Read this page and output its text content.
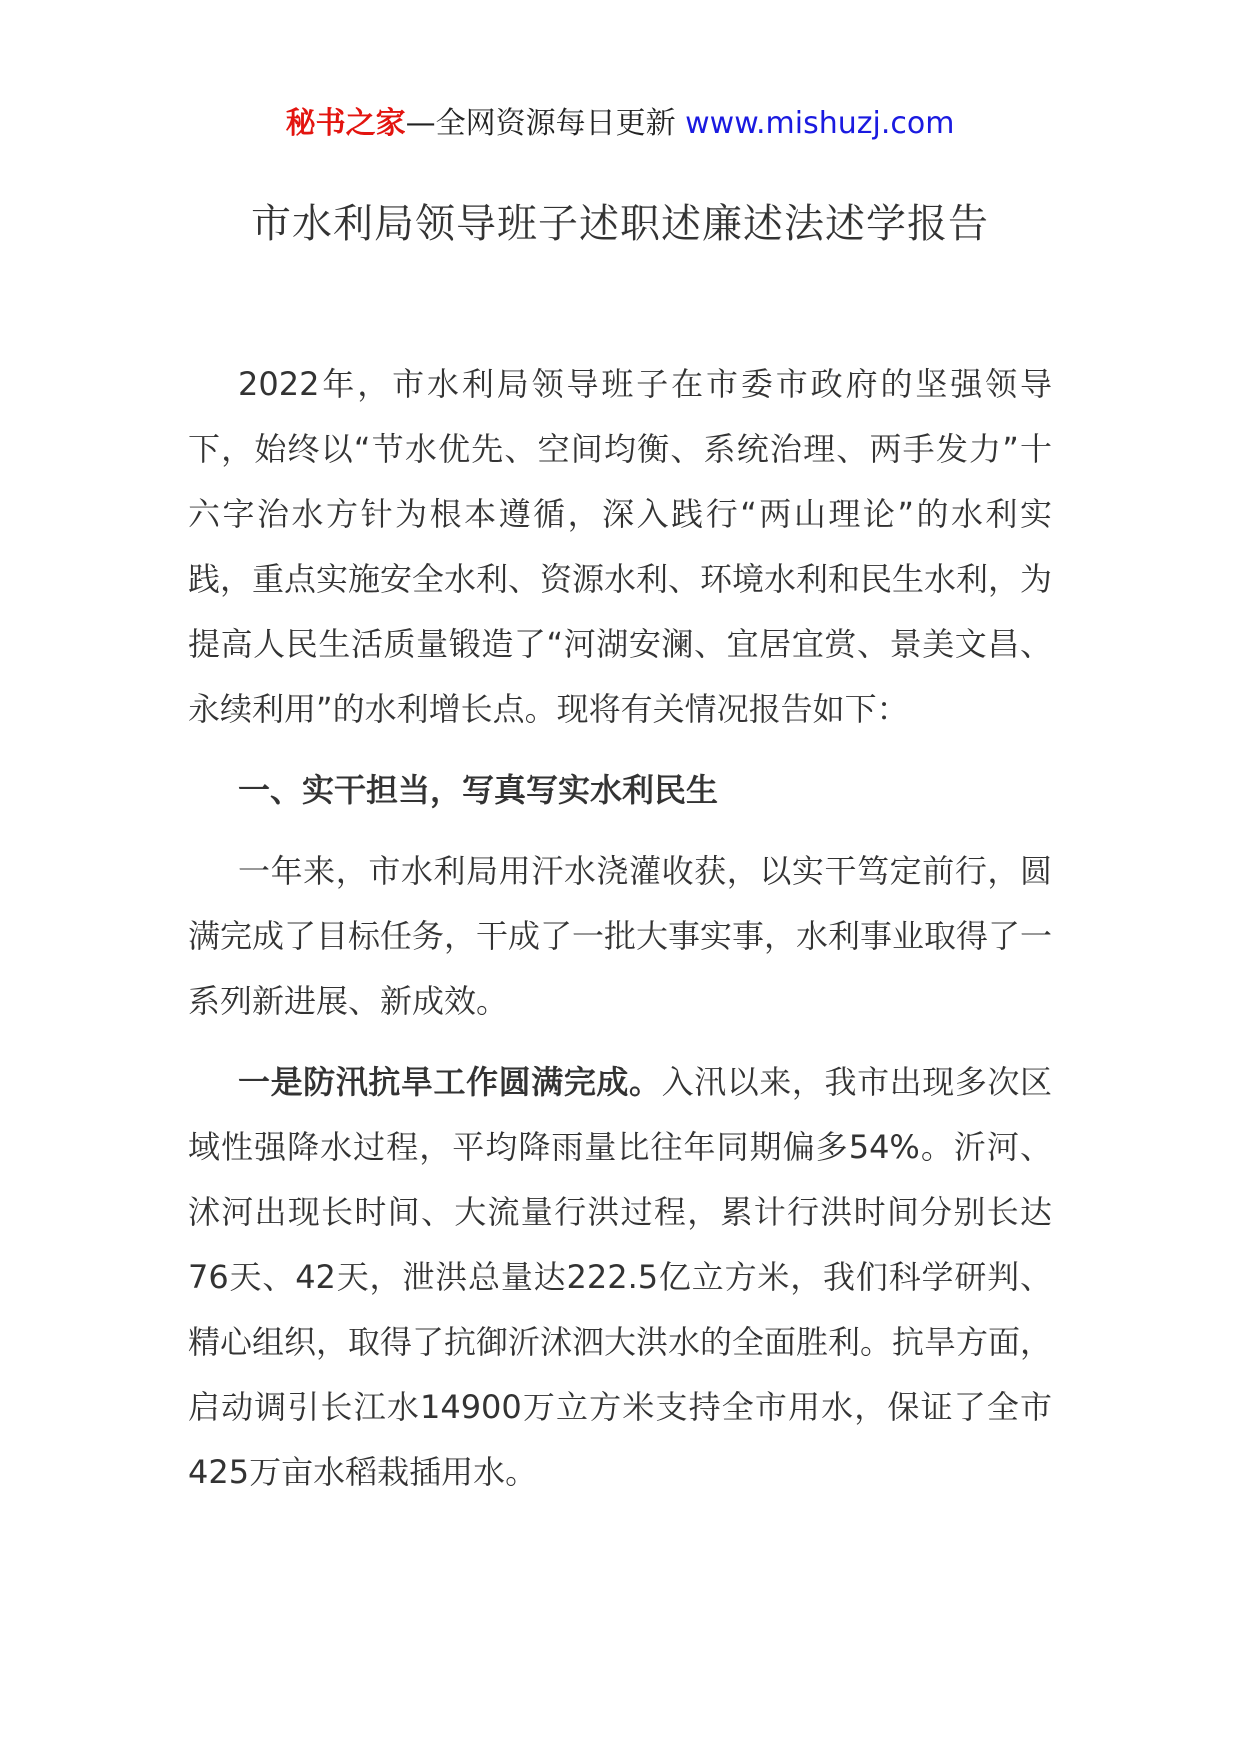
秘书之家—全网资源每日更新 www.mishuzj.com
市水利局领导班子述职述廉述法述学报告

2022年，市水利局领导班子在市委市政府的坚强领导下，始终以“节水优先、空间均衡、系统治理、两手发力”十六字治水方针为根本遵循，深入践行“两山理论”的水利实践，重点实施安全水利、资源水利、环境水利和民生水利，为提高人民生活质量锻造了“河湖安澜、宜居宜赏、景美文昌、永续利用”的水利增长点。现将有关情况报告如下：

一、实干担当，写真写实水利民生

一年来，市水利局用汗水浇灌收获，以实干笃定前行，圆满完成了目标任务，干成了一批大事实事，水利事业取得了一系列新进展、新成效。

一是防汛抗旱工作圆满完成。入汛以来，我市出现多次区域性强降水过程，平均降雨量比往年同期偏多54%。沂河、沭河出现长时间、大流量行洪过程，累计行洪时间分别长达76天、42天，泄洪总量达222.5亿立方米，我们科学研判、精心组织，取得了抗御沂沭泗大洪水的全面胜利。抗旱方面，启动调引长江水14900万立方米支持全市用水，保证了全市425万亩水稻栽插用水。
